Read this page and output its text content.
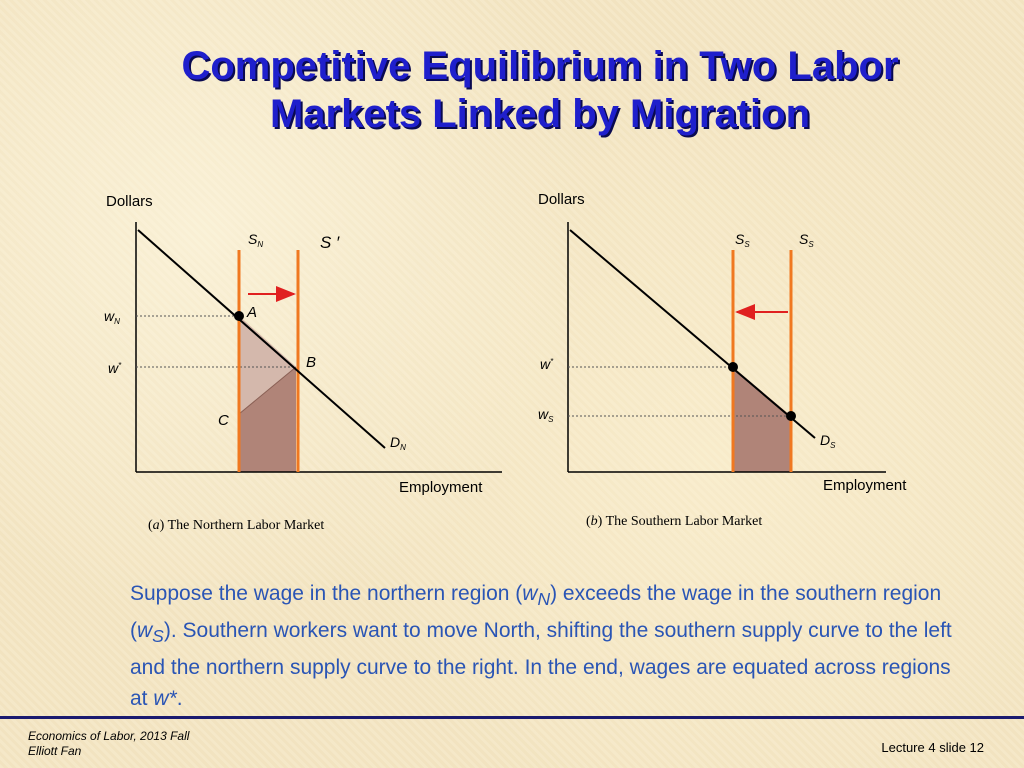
Competitive Equilibrium in Two Labor
Markets Linked by Migration
Dollars
Employment
$S_N$	S ′
$D_N$
$w_N$
w*
A
B
C
(a) The Northern Labor Market
Dollars
Employment
$S_S$	$S_S$
$D_S$
w*
$w_S$
(b) The Southern Labor Market
Suppose the wage in the northern region $(w_N)$ exceeds the wage in the southern region $(w_S)$. Southern workers want to move North, shifting the southern supply curve to the left and the northern supply curve to the right. In the end, wages are equated across regions at w*.
Economics of Labor, 2013 Fall
Elliott Fan	Lecture 4 slide 12
